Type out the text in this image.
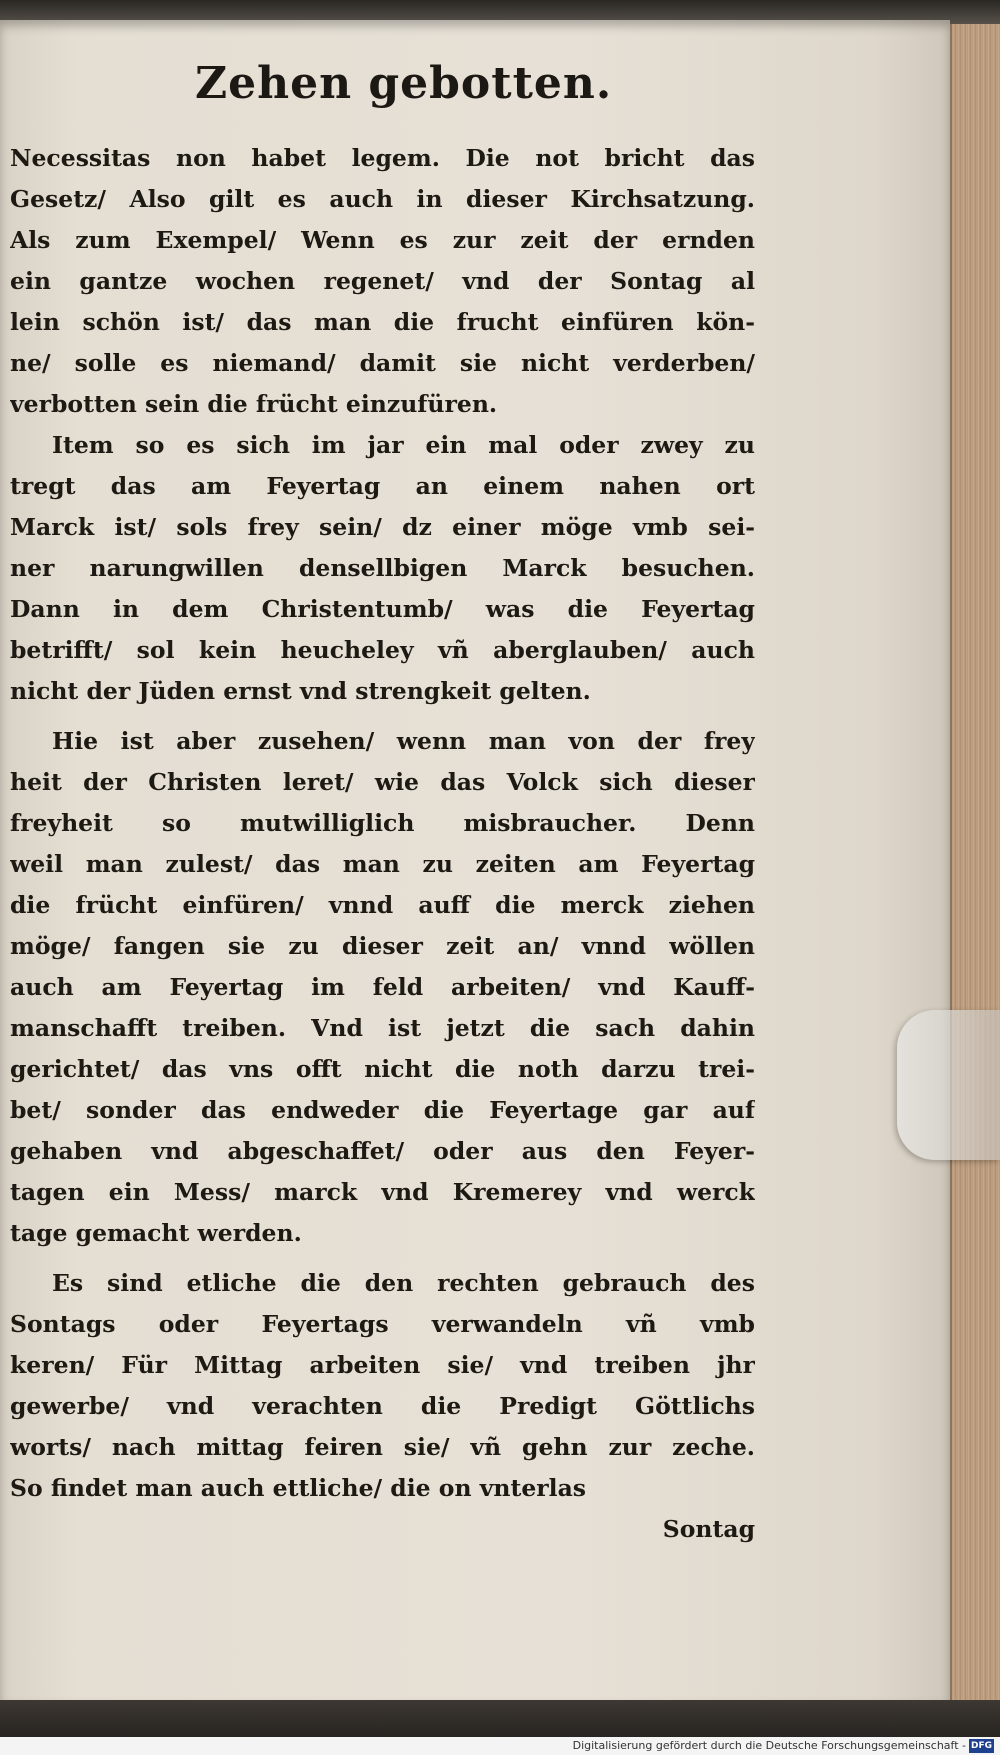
Zehen gebotten.
Necessitas non habet legem. Die not bricht das
Gesetz/ Also gilt es auch in dieser Kirchsatzung.
Als zum Exempel/ Wenn es zur zeit der ernden
ein gantze wochen regenet/ vnd der Sontag al
lein schön ist/ das man die frucht einfüren kön-
ne/ solle es niemand/ damit sie nicht verderben/
verbotten sein die frücht einzufüren.
Item so es sich im jar ein mal oder zwey zu
tregt das am Feyertag an einem nahen ort
Marck ist/ sols frey sein/ dz einer möge vmb sei-
ner narungwillen densellbigen Marck besuchen.
Dann in dem Christentumb/ was die Feyertag
betrifft/ sol kein heucheley vñ aberglauben/ auch
nicht der Jüden ernst vnd strengkeit gelten.
Hie ist aber zusehen/ wenn man von der frey
heit der Christen leret/ wie das Volck sich dieser
freyheit so mutwilliglich misbraucher. Denn
weil man zulest/ das man zu zeiten am Feyertag
die frücht einfüren/ vnnd auff die merck ziehen
möge/ fangen sie zu dieser zeit an/ vnnd wöllen
auch am Feyertag im feld arbeiten/ vnd Kauff-
manschafft treiben. Vnd ist jetzt die sach dahin
gerichtet/ das vns offt nicht die noth darzu trei-
bet/ sonder das endweder die Feyertage gar auf
gehaben vnd abgeschaffet/ oder aus den Feyer-
tagen ein Mess/ marck vnd Kremerey vnd werck
tage gemacht werden.
Es sind etliche die den rechten gebrauch des
Sontags oder Feyertags verwandeln vñ vmb
keren/ Für Mittag arbeiten sie/ vnd treiben jhr
gewerbe/ vnd verachten die Predigt Göttlichs
worts/ nach mittag feiren sie/ vñ gehn zur zeche.
So findet man auch ettliche/ die on vnterlas
Sontag
Digitalisierung gefördert durch die Deutsche Forschungsgemeinschaft - DFG
